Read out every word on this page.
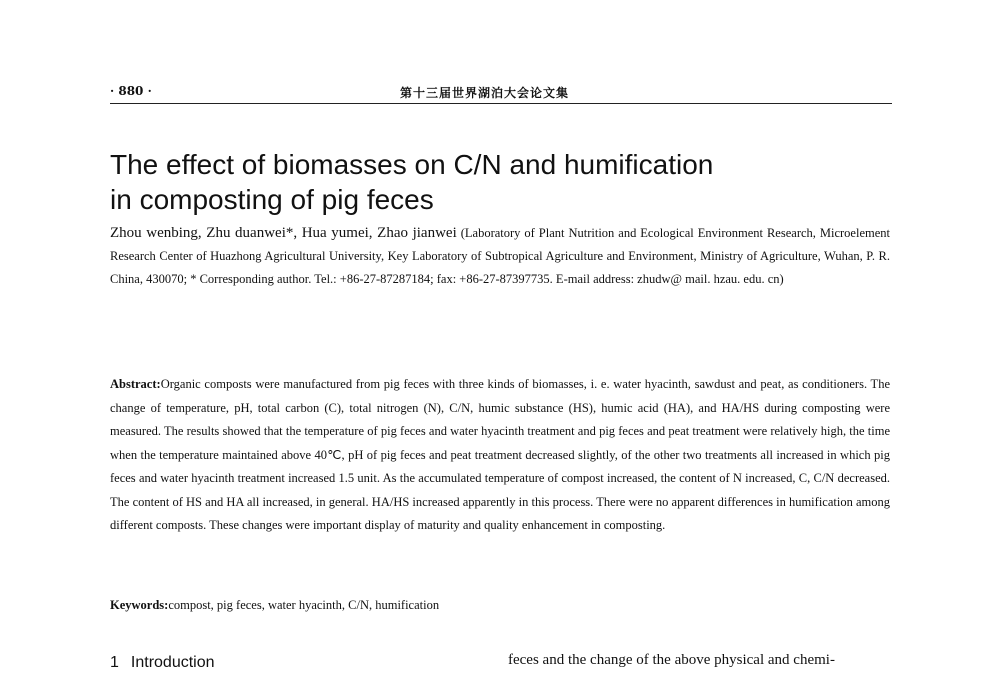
· 880 ·	第十三届世界湖泊大会论文集
The effect of biomasses on C/N and humification
in composting of pig feces
Zhou wenbing, Zhu duanwei*, Hua yumei, Zhao jianwei (Laboratory of Plant Nutrition and Ecological Environment Research, Microelement Research Center of Huazhong Agricultural University, Key Laboratory of Subtropical Agriculture and Environment, Ministry of Agriculture, Wuhan, P. R. China, 430070; * Corresponding author. Tel.: +86-27-87287184; fax: +86-27-87397735. E-mail address: zhudw@ mail. hzau. edu. cn)
Abstract:Organic composts were manufactured from pig feces with three kinds of biomasses, i. e. water hyacinth, sawdust and peat, as conditioners. The change of temperature, pH, total carbon (C), total nitrogen (N), C/N, humic substance (HS), humic acid (HA), and HA/HS during composting were measured. The results showed that the temperature of pig feces and water hyacinth treatment and pig feces and peat treatment were relatively high, the time when the temperature maintained above 40℃, pH of pig feces and peat treatment decreased slightly, of the other two treatments all increased in which pig feces and water hyacinth treatment increased 1.5 unit. As the accumulated temperature of compost increased, the content of N increased, C, C/N decreased. The content of HS and HA all increased, in general. HA/HS increased apparently in this process. There were no apparent differences in humification among different composts. These changes were important display of maturity and quality enhancement in composting.
Keywords:compost, pig feces, water hyacinth, C/N, humification
1 Introduction	feces and the change of the above physical and chemi-
